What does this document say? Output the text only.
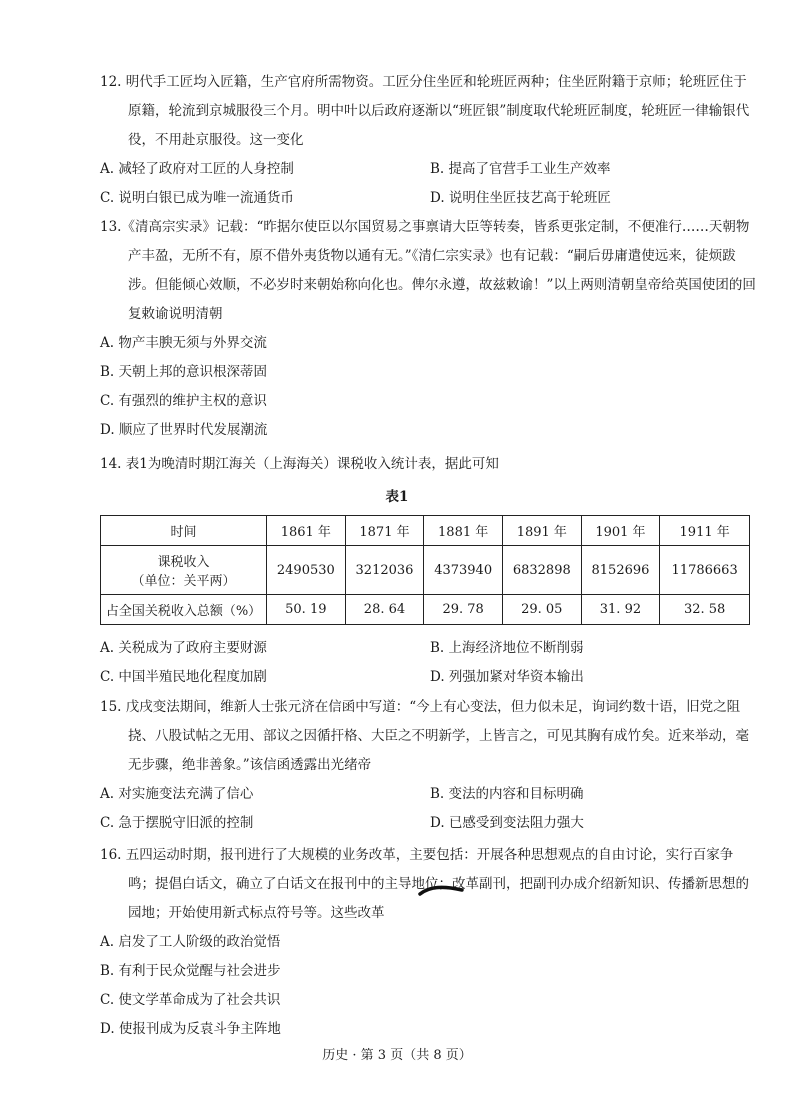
12. 明代手工匠均入匠籍，生产官府所需物资。工匠分住坐匠和轮班匠两种；住坐匠附籍于京师；轮班匠住于原籍，轮流到京城服役三个月。明中叶以后政府逐渐以“班匠银”制度取代轮班匠制度，轮班匠一律输银代役，不用赴京服役。这一变化
A. 减轻了政府对工匠的人身控制	B. 提高了官营手工业生产效率
C. 说明白银已成为唯一流通货币	D. 说明住坐匠技艺高于轮班匠
13.《清高宗实录》记载：“昨据尔使臣以尔国贸易之事禀请大臣等转奏，皆系更张定制，不便准行……天朝物产丰盈，无所不有，原不借外夷货物以通有无。”《清仁宗实录》也有记载：“嗣后毋庸遣使远来，徒烦跋涉。但能倾心效顺，不必岁时来朝始称向化也。俾尔永遵，故兹敕谕！”以上两则清朝皇帝给英国使团的回复敕谕说明清朝
A. 物产丰腴无须与外界交流
B. 天朝上邦的意识根深蒂固
C. 有强烈的维护主权的意识
D. 顺应了世界时代发展潮流
14. 表1为晚清时期江海关（上海海关）课税收入统计表，据此可知
表1
时间	1861 年	1871 年	1881 年	1891 年	1901 年	1911 年

课税收入
（单位：关平两）	2490530	3212036	4373940	6832898	8152696	11786663
占全国关税收入总额（%）	50. 19	28. 64	29. 78	29. 05	31. 92	32. 58
A. 关税成为了政府主要财源	B. 上海经济地位不断削弱
C. 中国半殖民地化程度加剧	D. 列强加紧对华资本输出
15. 戊戌变法期间，维新人士张元济在信函中写道：“今上有心变法，但力似未足，询词约数十语，旧党之阻挠、八股试帖之无用、部议之因循扞格、大臣之不明新学，上皆言之，可见其胸有成竹矣。近来举动，毫无步骤，绝非善象。”该信函透露出光绪帝
A. 对实施变法充满了信心	B. 变法的内容和目标明确
C. 急于摆脱守旧派的控制	D. 已感受到变法阻力强大
16. 五四运动时期，报刊进行了大规模的业务改革，主要包括：开展各种思想观点的自由讨论，实行百家争鸣；提倡白话文，确立了白话文在报刊中的主导地位；改革副刊，把副刊办成介绍新知识、传播新思想的园地；开始使用新式标点符号等。这些改革
A. 启发了工人阶级的政治觉悟
B. 有利于民众觉醒与社会进步
C. 使文学革命成为了社会共识
D. 使报刊成为反袁斗争主阵地
历史 · 第 3 页（共 8 页）
